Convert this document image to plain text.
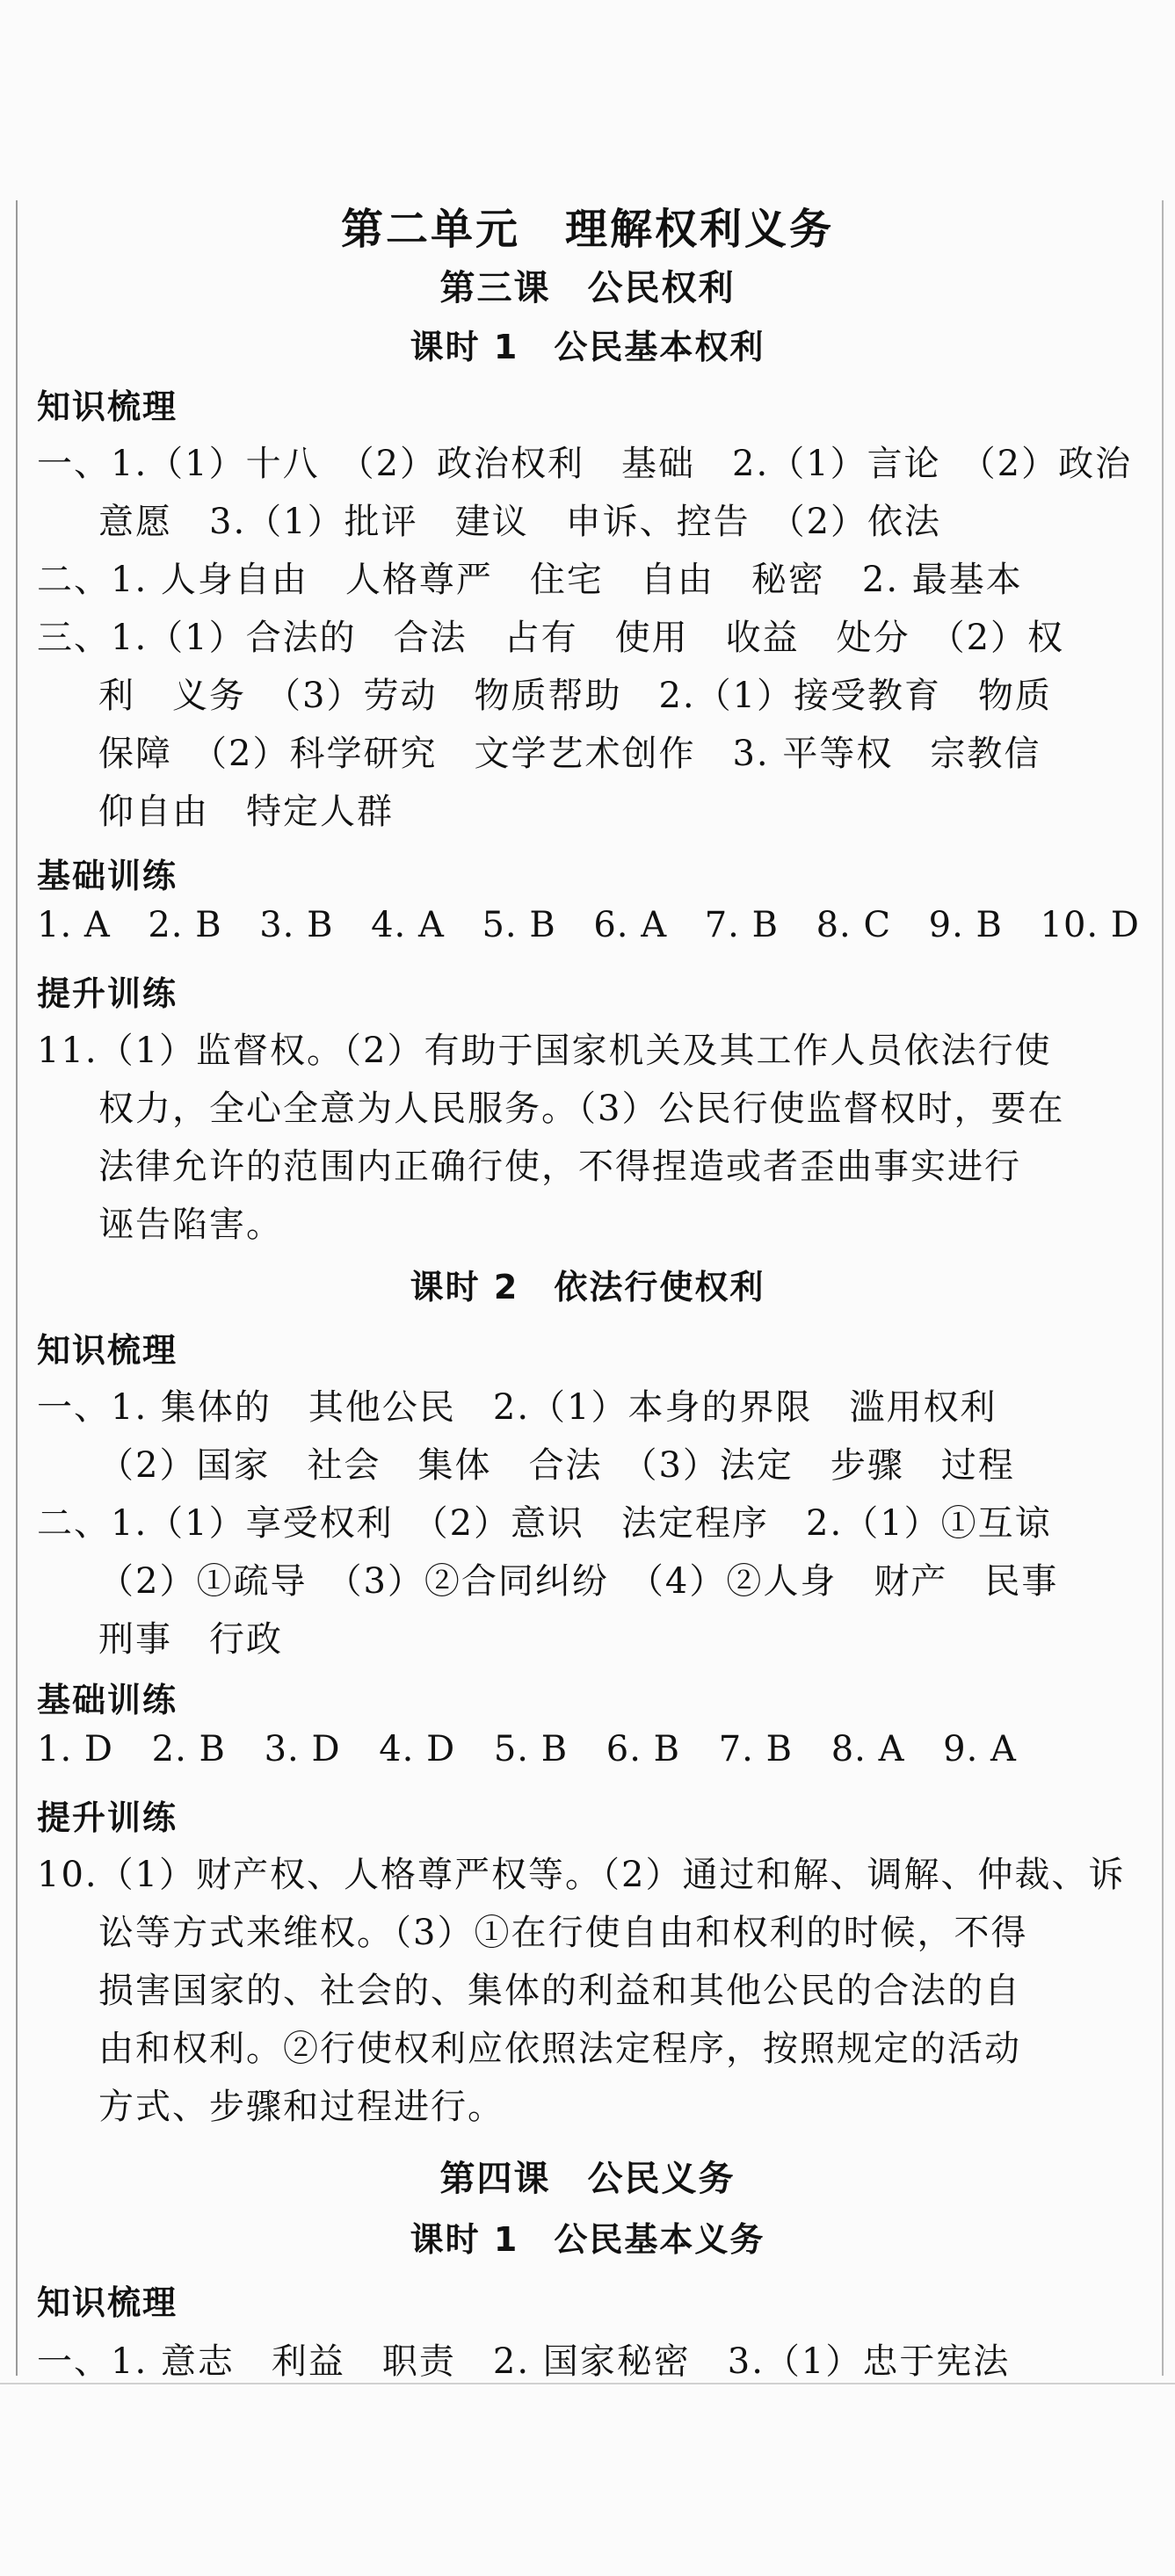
第二单元　理解权利义务
第三课　公民权利
课时 1　公民基本权利
知识梳理
一、1.（1）十八　（2）政治权利　基础　2.（1）言论　（2）政治
意愿　3.（1）批评　建议　申诉、控告　（2）依法
二、1. 人身自由　人格尊严　住宅　自由　秘密　2. 最基本
三、1.（1）合法的　合法　占有　使用　收益　处分　（2）权
利　义务　（3）劳动　物质帮助　2.（1）接受教育　物质
保障　（2）科学研究　文学艺术创作　3. 平等权　宗教信
仰自由　特定人群
基础训练
1. A 2. B 3. B 4. A 5. B 6. A 7. B 8. C 9. B 10. D
提升训练
11.（1）监督权。（2）有助于国家机关及其工作人员依法行使
权力，全心全意为人民服务。（3）公民行使监督权时，要在
法律允许的范围内正确行使，不得捏造或者歪曲事实进行
诬告陷害。
课时 2　依法行使权利
知识梳理
一、1. 集体的　其他公民　2.（1）本身的界限　滥用权利
（2）国家　社会　集体　合法　（3）法定　步骤　过程
二、1.（1）享受权利　（2）意识　法定程序　2.（1）①互谅
（2）①疏导　（3）②合同纠纷　（4）②人身　财产　民事
刑事　行政
基础训练
1. D 2. B 3. D 4. D 5. B 6. B 7. B 8. A 9. A
提升训练
10.（1）财产权、人格尊严权等。（2）通过和解、调解、仲裁、诉
讼等方式来维权。（3）①在行使自由和权利的时候，不得
损害国家的、社会的、集体的利益和其他公民的合法的自
由和权利。②行使权利应依照法定程序，按照规定的活动
方式、步骤和过程进行。
第四课　公民义务
课时 1　公民基本义务
知识梳理
一、1. 意志　利益　职责　2. 国家秘密　3.（1）忠于宪法
